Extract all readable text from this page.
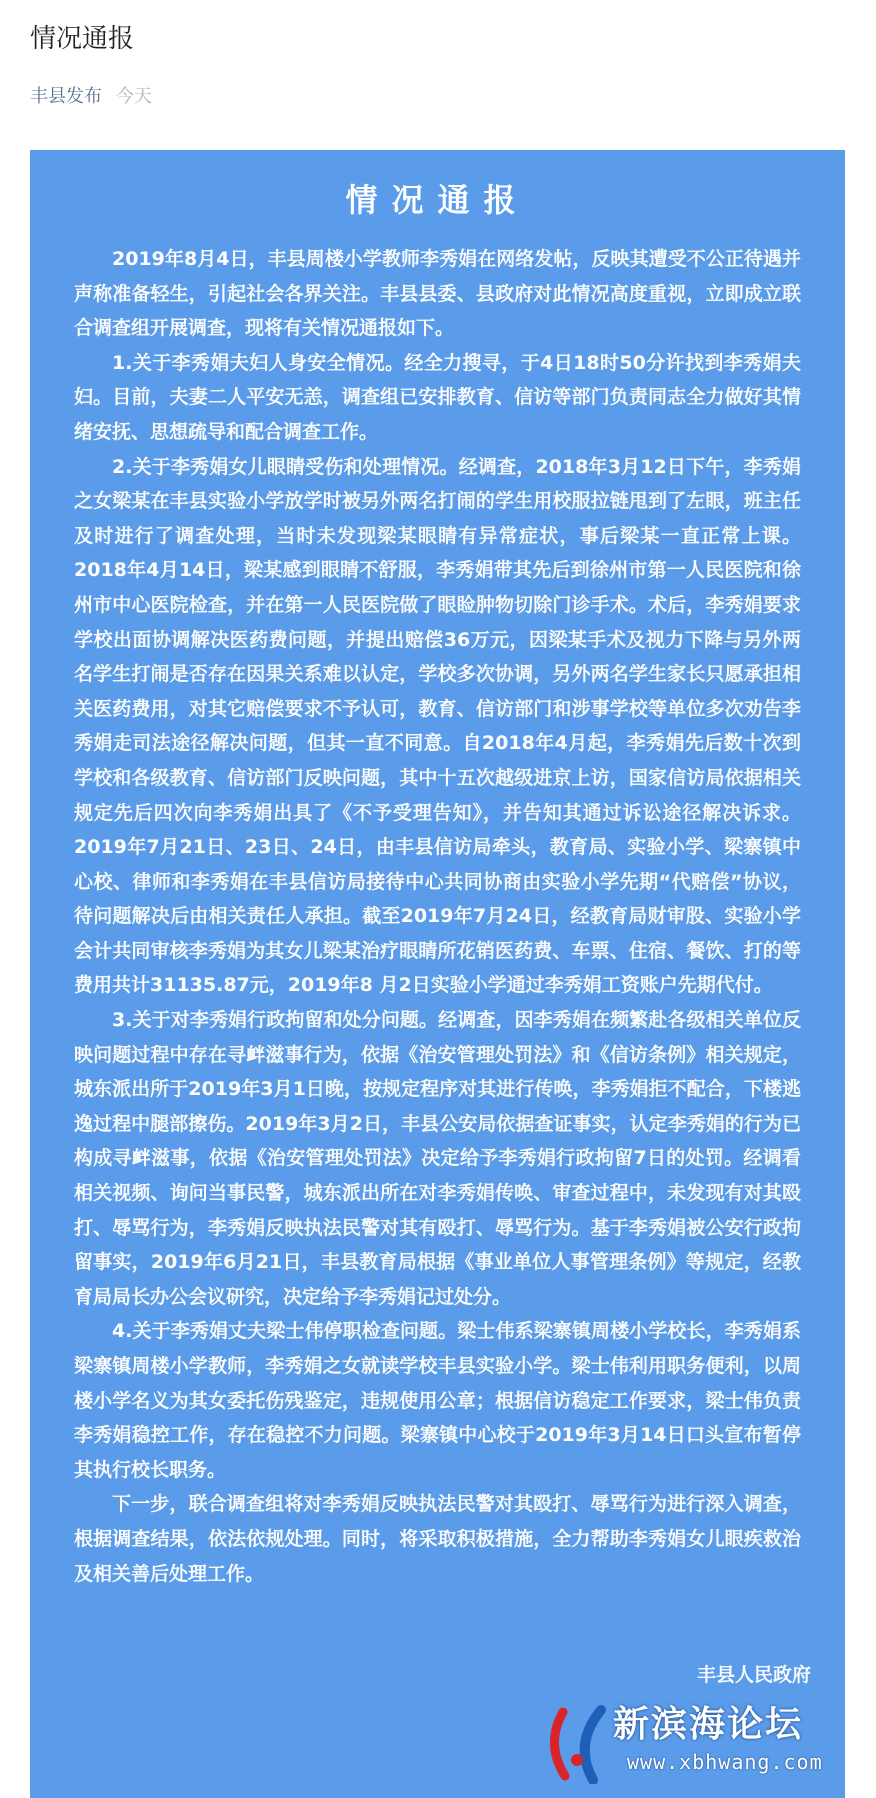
情况通报
丰县发布 今天
情况通报

2019年8月4日，丰县周楼小学教师李秀娟在网络发帖，反映其遭受不公正待遇并声称准备轻生，引起社会各界关注。丰县县委、县政府对此情况高度重视，立即成立联合调查组开展调查，现将有关情况通报如下。

1.关于李秀娟夫妇人身安全情况。经全力搜寻，于4日18时50分许找到李秀娟夫妇。目前，夫妻二人平安无恙，调查组已安排教育、信访等部门负责同志全力做好其情绪安抚、思想疏导和配合调查工作。

2.关于李秀娟女儿眼睛受伤和处理情况。经调查，2018年3月12日下午，李秀娟之女梁某在丰县实验小学放学时被另外两名打闹的学生用校服拉链甩到了左眼，班主任及时进行了调查处理，当时未发现梁某眼睛有异常症状，事后梁某一直正常上课。2018年4月14日，梁某感到眼睛不舒服，李秀娟带其先后到徐州市第一人民医院和徐州市中心医院检查，并在第一人民医院做了眼睑肿物切除门诊手术。术后，李秀娟要求学校出面协调解决医药费问题，并提出赔偿36万元，因梁某手术及视力下降与另外两名学生打闹是否存在因果关系难以认定，学校多次协调，另外两名学生家长只愿承担相关医药费用，对其它赔偿要求不予认可，教育、信访部门和涉事学校等单位多次劝告李秀娟走司法途径解决问题，但其一直不同意。自2018年4月起，李秀娟先后数十次到学校和各级教育、信访部门反映问题，其中十五次越级进京上访，国家信访局依据相关规定先后四次向李秀娟出具了《不予受理告知》，并告知其通过诉讼途径解决诉求。2019年7月21日、23日、24日，由丰县信访局牵头，教育局、实验小学、梁寨镇中心校、律师和李秀娟在丰县信访局接待中心共同协商由实验小学先期“代赔偿”协议，待问题解决后由相关责任人承担。截至2019年7月24日，经教育局财审股、实验小学会计共同审核李秀娟为其女儿梁某治疗眼睛所花销医药费、车票、住宿、餐饮、打的等费用共计31135.87元，2019年8 月2日实验小学通过李秀娟工资账户先期代付。

3.关于对李秀娟行政拘留和处分问题。经调查，因李秀娟在频繁赴各级相关单位反映问题过程中存在寻衅滋事行为，依据《治安管理处罚法》和《信访条例》相关规定，城东派出所于2019年3月1日晚，按规定程序对其进行传唤，李秀娟拒不配合，下楼逃逸过程中腿部擦伤。2019年3月2日，丰县公安局依据查证事实，认定李秀娟的行为已构成寻衅滋事，依据《治安管理处罚法》决定给予李秀娟行政拘留7日的处罚。经调看相关视频、询问当事民警，城东派出所在对李秀娟传唤、审查过程中，未发现有对其殴打、辱骂行为，李秀娟反映执法民警对其有殴打、辱骂行为。基于李秀娟被公安行政拘留事实，2019年6月21日，丰县教育局根据《事业单位人事管理条例》等规定，经教育局局长办公会议研究，决定给予李秀娟记过处分。

4.关于李秀娟丈夫梁士伟停职检查问题。梁士伟系梁寨镇周楼小学校长，李秀娟系梁寨镇周楼小学教师，李秀娟之女就读学校丰县实验小学。梁士伟利用职务便利，以周楼小学名义为其女委托伤残鉴定，违规使用公章；根据信访稳定工作要求，梁士伟负责李秀娟稳控工作，存在稳控不力问题。梁寨镇中心校于2019年3月14日口头宣布暂停其执行校长职务。

下一步，联合调查组将对李秀娟反映执法民警对其殴打、辱骂行为进行深入调查，根据调查结果，依法依规处理。同时，将采取积极措施，全力帮助李秀娟女儿眼疾救治及相关善后处理工作。

丰县人民政府
新滨海论坛
www.xbhwang.com
